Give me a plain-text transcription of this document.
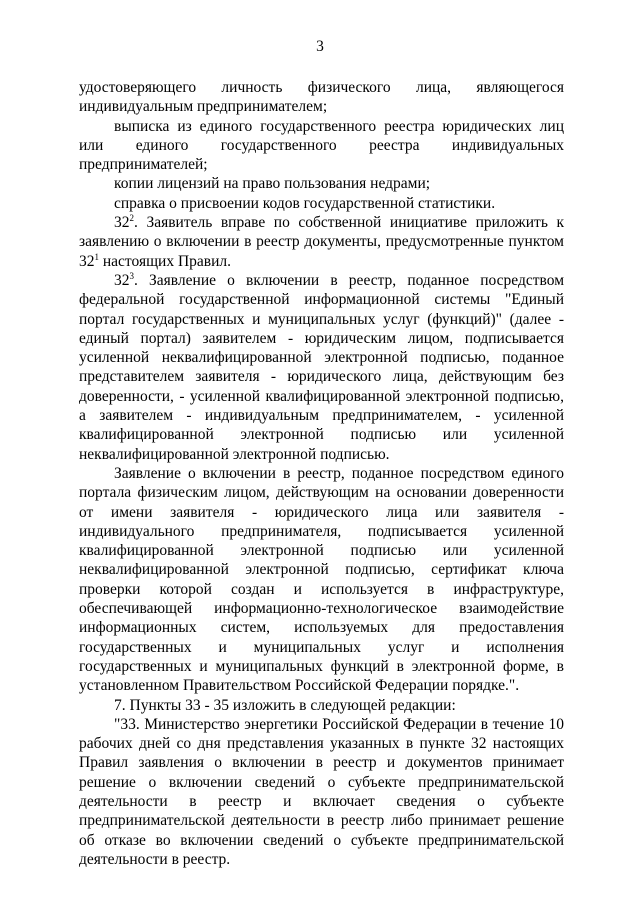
3

удостоверяющего личность физического лица, являющегося индивидуальным предпринимателем;

выписка из единого государственного реестра юридических лиц или единого государственного реестра индивидуальных предпринимателей;

копии лицензий на право пользования недрами;

справка о присвоении кодов государственной статистики.

$32^2$. Заявитель вправе по собственной инициативе приложить к заявлению о включении в реестр документы, предусмотренные пунктом $32^1$ настоящих Правил.

$32^3$. Заявление о включении в реестр, поданное посредством федеральной государственной информационной системы "Единый портал государственных и муниципальных услуг (функций)" (далее - единый портал) заявителем - юридическим лицом, подписывается усиленной неквалифицированной электронной подписью, поданное представителем заявителя - юридического лица, действующим без доверенности, - усиленной квалифицированной электронной подписью, а заявителем - индивидуальным предпринимателем, - усиленной квалифицированной электронной подписью или усиленной неквалифицированной электронной подписью.

Заявление о включении в реестр, поданное посредством единого портала физическим лицом, действующим на основании доверенности от имени заявителя - юридического лица или заявителя - индивидуального предпринимателя, подписывается усиленной квалифицированной электронной подписью или усиленной неквалифицированной электронной подписью, сертификат ключа проверки которой создан и используется в инфраструктуре, обеспечивающей информационно-технологическое взаимодействие информационных систем, используемых для предоставления государственных и муниципальных услуг и исполнения государственных и муниципальных функций в электронной форме, в установленном Правительством Российской Федерации порядке.".

7. Пункты 33 - 35 изложить в следующей редакции:

"33. Министерство энергетики Российской Федерации в течение 10 рабочих дней со дня представления указанных в пункте 32 настоящих Правил заявления о включении в реестр и документов принимает решение о включении сведений о субъекте предпринимательской деятельности в реестр и включает сведения о субъекте предпринимательской деятельности в реестр либо принимает решение об отказе во включении сведений о субъекте предпринимательской деятельности в реестр.
